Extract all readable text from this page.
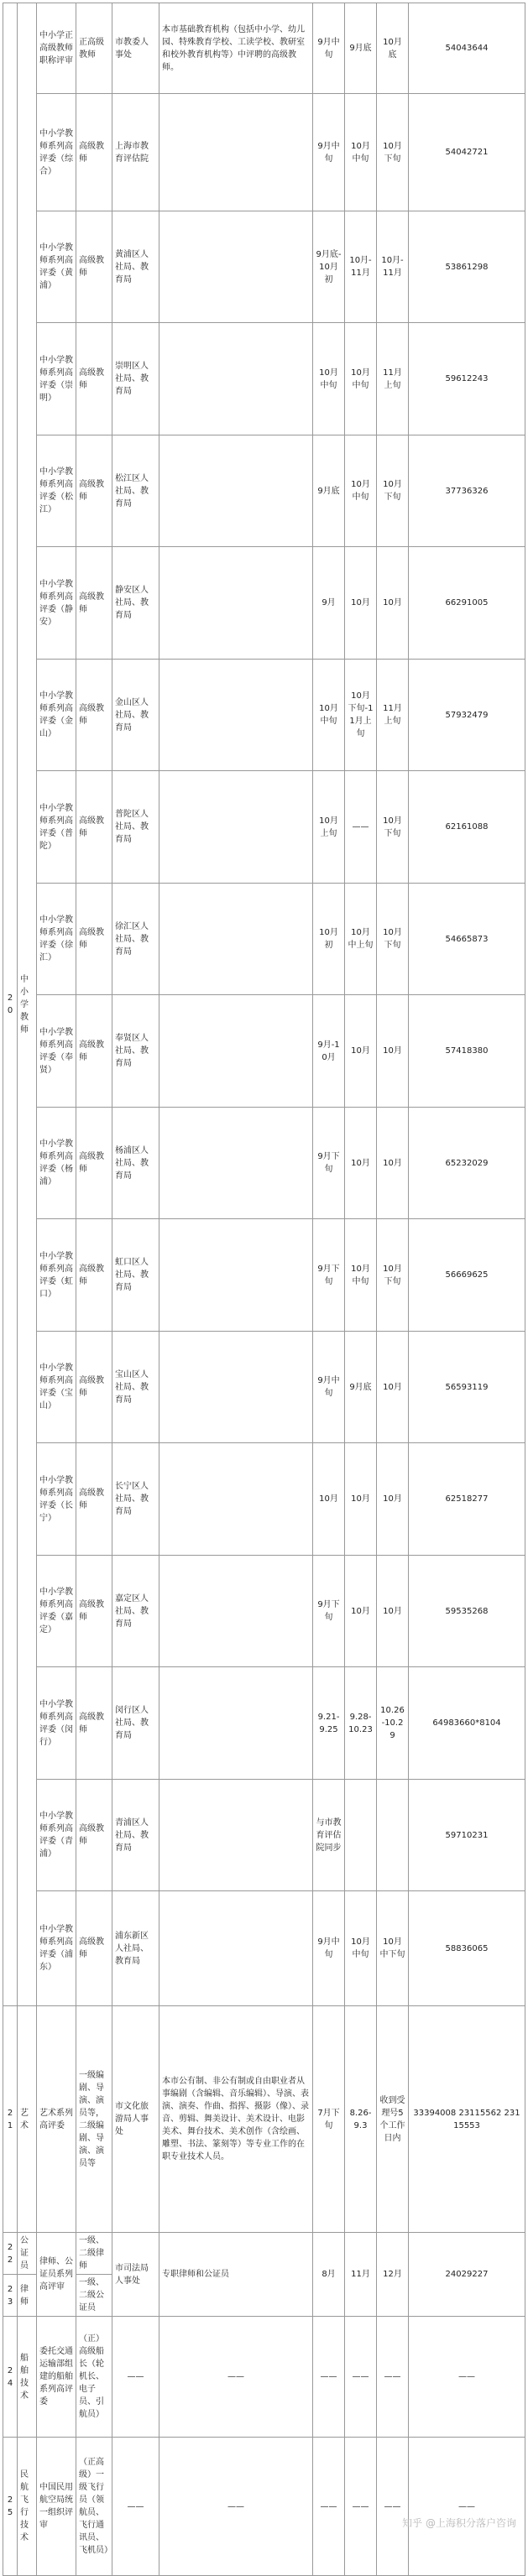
20	中小学教师	中小学正高级教师职称评审	正高级教师	市教委人事处	本市基础教育机构（包括中小学、幼儿园、特殊教育学校、工读学校、教研室和校外教育机构等）中评聘的高级教师。	9月中旬	9月底	10月底	54043644
		中小学教师系列高评委（综合）	高级教师	上海市教育评估院		9月中旬	10月中旬	10月下旬	54042721
		中小学教师系列高评委（黄浦）	高级教师	黄浦区人社局、教育局		9月底-10月初	10月-11月	10月-11月	53861298
		中小学教师系列高评委（崇明）	高级教师	崇明区人社局、教育局		10月中旬	10月中旬	11月上旬	59612243
		中小学教师系列高评委（松江）	高级教师	松江区人社局、教育局		9月底	10月中旬	10月下旬	37736326
		中小学教师系列高评委（静安）	高级教师	静安区人社局、教育局		9月	10月	10月	66291005
		中小学教师系列高评委（金山）	高级教师	金山区人社局、教育局		10月中旬	10月下旬-11月上旬	11月上旬	57932479
		中小学教师系列高评委（普陀）	高级教师	普陀区人社局、教育局		10月上旬	——	10月下旬	62161088
		中小学教师系列高评委（徐汇）	高级教师	徐汇区人社局、教育局		10月初	10月中上旬	10月下旬	54665873
		中小学教师系列高评委（奉贤）	高级教师	奉贤区人社局、教育局		9月-10月	10月	10月	57418380
		中小学教师系列高评委（杨浦）	高级教师	杨浦区人社局、教育局		9月下旬	10月	10月	65232029
		中小学教师系列高评委（虹口）	高级教师	虹口区人社局、教育局		9月下旬	10月中旬	10月下旬	56669625
		中小学教师系列高评委（宝山）	高级教师	宝山区人社局、教育局		9月中旬	9月底	10月	56593119
		中小学教师系列高评委（长宁）	高级教师	长宁区人社局、教育局		10月	10月	10月	62518277
		中小学教师系列高评委（嘉定）	高级教师	嘉定区人社局、教育局		9月下旬	10月	10月	59535268
		中小学教师系列高评委（闵行）	高级教师	闵行区人社局、教育局		9.21-9.25	9.28-10.23	10.26-10.29	64983660*8104
		中小学教师系列高评委（青浦）	高级教师	青浦区人社局、教育局		与市教育评估院同步			59710231
		中小学教师系列高评委（浦东）	高级教师	浦东新区人社局、教育局		9月中旬	10月中旬	10月中下旬	58836065
21	艺术	艺术系列高评委	一级编剧、导演、演员等，二级编剧、导演、演员等	市文化旅游局人事处	本市公有制、非公有制或自由职业者从事编剧（含编辑、音乐编辑）、导演、表演、演奏、作曲、指挥、摄影（像）、录音、剪辑、舞美设计、美术设计、电影美术、舞台技术、美术创作（含绘画、雕塑、书法、篆刻等）等专业工作的在职专业技术人员。	7月下旬	8.26-9.3	收到受理号5个工作日内	33394008 23115562 23115553
22	公证员	律师、公证员系列高评审	一级、二级律师	市司法局人事处	专职律师和公证员	8月	11月	12月	24029227
23	律师		一级、二级公证员						
24	船舶技术	委托交通运输部组建的船舶系列高评委	（正）高级船长（轮机长、电子员、引航员）	——	——	——	——	——	——
25	民航飞行技术	中国民用航空局统一组织评审	（正高级）一级飞行员（领航员、飞行通讯员、飞机员）	——	——	——	——	——	——
知乎 @上海积分落户咨询
